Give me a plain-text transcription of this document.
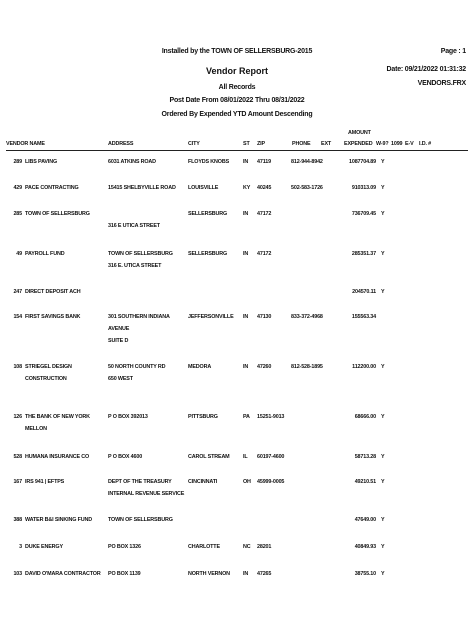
Installed by the TOWN OF SELLERSBURG-2015
Vendor Report
All Records
Post Date From 08/01/2022 Thru 08/31/2022
Ordered By Expended YTD Amount Descending
Page : 1
Date: 09/21/2022 01:31:32
VENDORS.FRX
VENDOR NAME	ADDRESS	CITY	ST ZIP	PHONE EXT
AMOUNT
EXPENDED W-9? 1099 E-V I.D. #
289 LIBS PAVING	6031 ATKINS ROAD	FLOYDS KNOBS	IN 47119	812-944-8942	1087704.89 Y
429 PACE CONTRACTING	15415 SHELBYVILLE ROAD	LOUISVILLE	KY 40245	502-583-1726	910313.09 Y
285 TOWN OF SELLERSBURG
316 E UTICA STREET
SELLERSBURG	IN 47172	736709.45 Y
49 PAYROLL FUND	TOWN OF SELLERSBURG
316 E. UTICA STREET
SELLERSBURG	IN 47172	285351.37 Y
247 DIRECT DEPOSIT ACH	204570.11 Y
154 FIRST SAVINGS BANK	301 SOUTHERN INDIANA
AVENUE
SUITE D
JEFFERSONVILLE IN 47130	833-372-4968	155563.34
108 STRIEGEL DESIGN
CONSTRUCTION
50 NORTH COUNTY RD
650 WEST
MEDORA	IN 47260	812-528-1895	112200.00 Y
126 THE BANK OF NEW YORK
MELLON
P O BOX 392013	PITTSBURG	PA 15251-9013	68666.00 Y
528 HUMANA INSURANCE CO	P O BOX 4600	CAROL STREAM IL 60197-4600	58713.28 Y
167 IRS 941 | EFTPS	DEPT OF THE TREASURY
INTERNAL REVENUE SERVICE
CINCINNATI	OH 45999-0005	49210.51 Y
388 WATER B&I SINKING FUND	TOWN OF SELLERSBURG	47649.00 Y
3 DUKE ENERGY	PO BOX 1326	CHARLOTTE	NC 28201	40849.93 Y
103 DAVID O'MARA CONTRACTOR	PO BOX 1139	NORTH VERNON IN 47265	38755.10 Y
